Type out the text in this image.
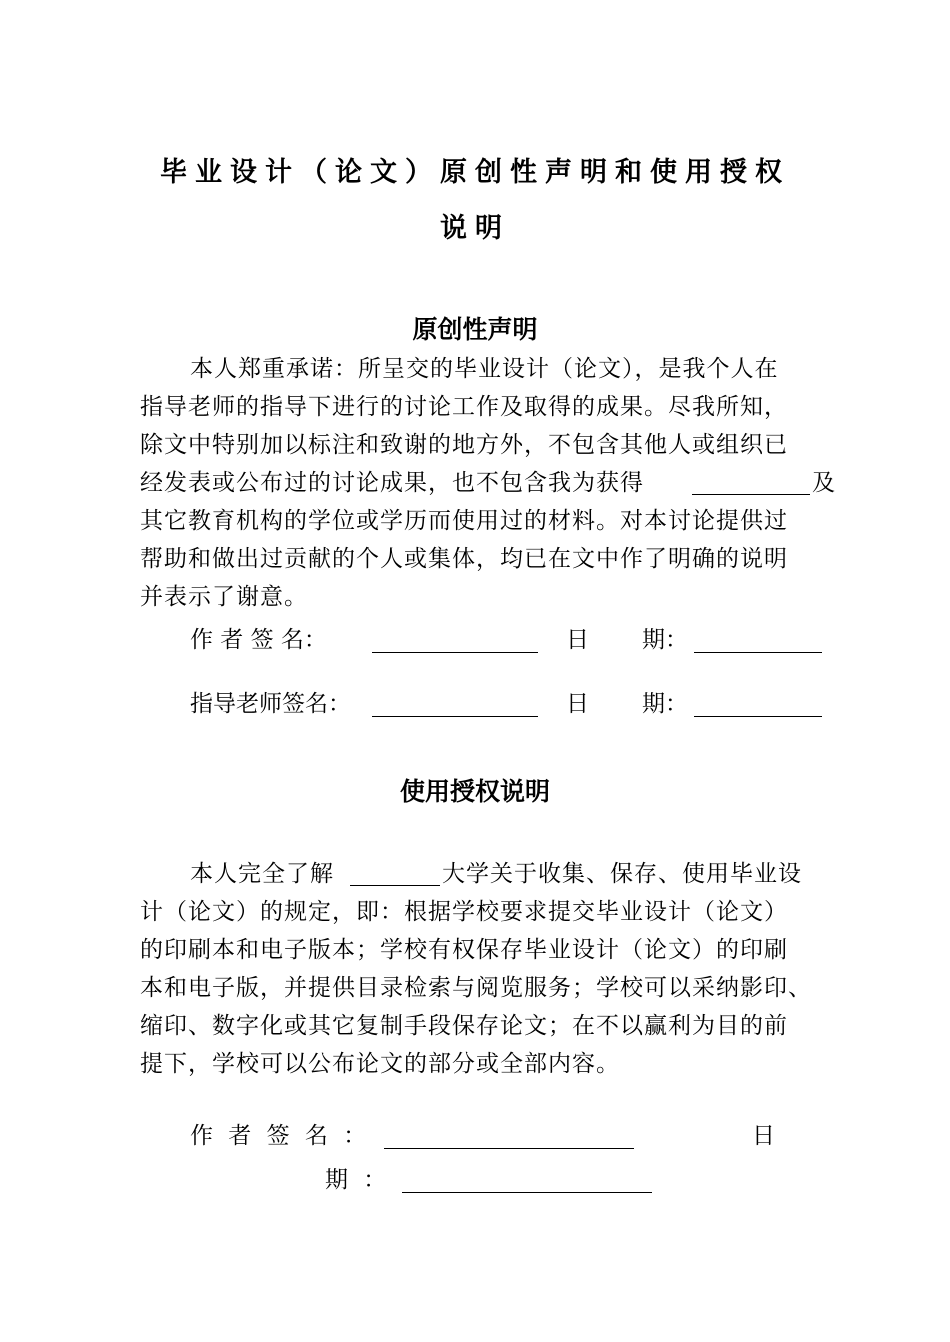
毕业设计（论文）原创性声明和使用授权
说明
原创性声明
本人郑重承诺：所呈交的毕业设计（论文），是我个人在
指导老师的指导下进行的讨论工作及取得的成果。尽我所知，
除文中特别加以标注和致谢的地方外，不包含其他人或组织已
经发表或公布过的讨论成果，也不包含我为获得	及
其它教育机构的学位或学历而使用过的材料。对本讨论提供过
帮助和做出过贡献的个人或集体，均已在文中作了明确的说明
并表示了谢意。
作 者 签 名：	日 期：
指导老师签名：	日 期：
使用授权说明
本人完全了解	大学关于收集、保存、使用毕业设
计（论文）的规定，即：根据学校要求提交毕业设计（论文）
的印刷本和电子版本；学校有权保存毕业设计（论文）的印刷
本和电子版，并提供目录检索与阅览服务；学校可以采纳影印、
缩印、数字化或其它复制手段保存论文；在不以赢利为目的前
提下，学校可以公布论文的部分或全部内容。
作 者 签 名 ：	日
期 ：
